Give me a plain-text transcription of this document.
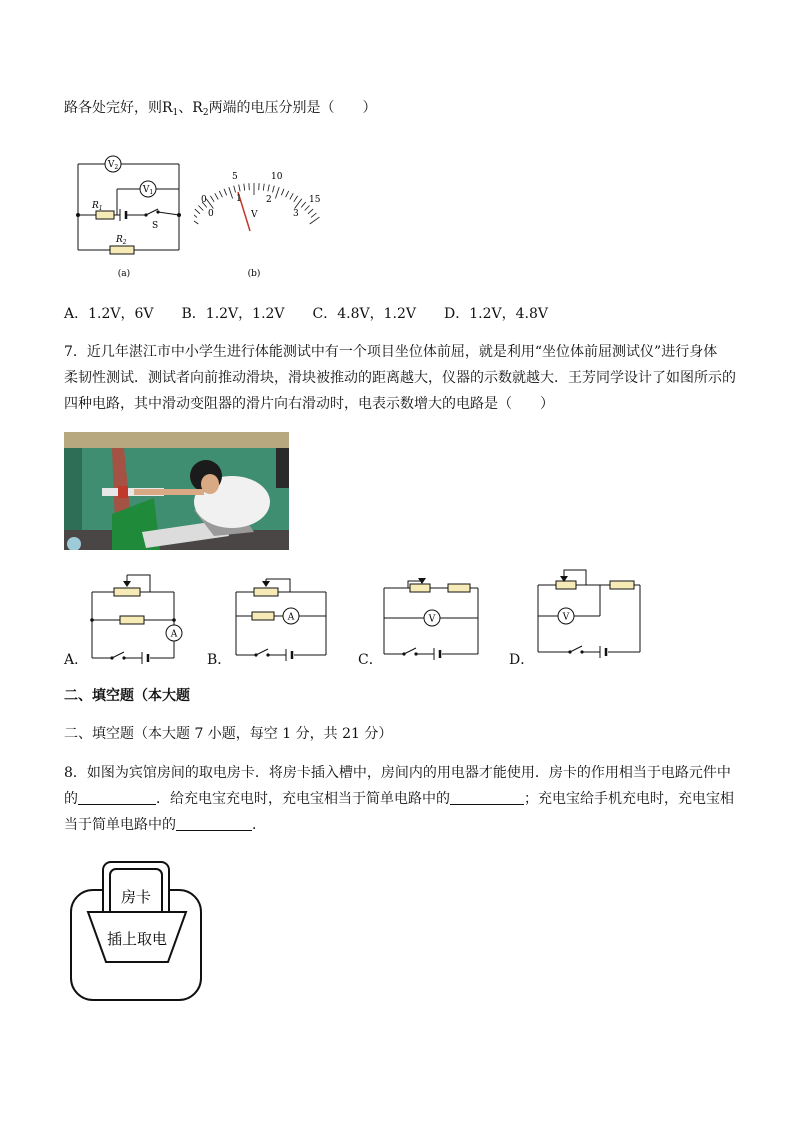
路各处完好，则$R_1$、$R_2$两端的电压分别是（　　）
$V_2$
$V_1$
$R_1$
$R_2$
S
(a)
0
5	10
15
0
1	2
3
V
(b)
A．1.2V，6V　　B．1.2V，1.2V　　C．4.8V，1.2V　　D．1.2V，4.8V
7．近几年湛江市中小学生进行体能测试中有一个项目坐位体前屈，就是利用“坐位体前屈测试仪”进行身体
柔韧性测试．测试者向前推动滑块，滑块被推动的距离越大，仪器的示数就越大．王芳同学设计了如图所示的
四种电路，其中滑动变阻器的滑片向右滑动时，电表示数增大的电路是（　　）
A．
A
B．
A
C．
V
D．
V
二、填空题（本大题
二、填空题（本大题 7 小题，每空 1 分，共 21 分）
8．如图为宾馆房间的取电房卡．将房卡插入槽中，房间内的用电器才能使用．房卡的作用相当于电路元件中
的	．给充电宝充电时，充电宝相当于简单电路中的	；充电宝给手机充电时，充电宝相
当于简单电路中的	．
房卡
插上取电
